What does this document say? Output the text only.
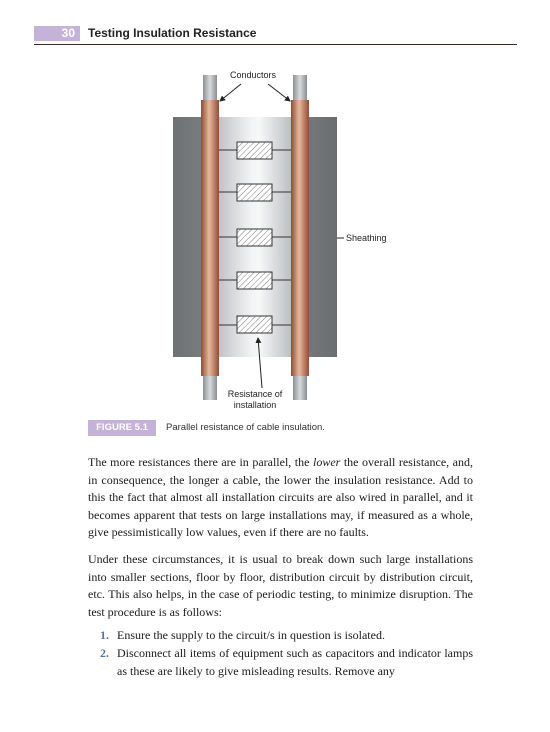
30	Testing Insulation Resistance
Conductors
Sheathing
Resistance of
installation
FIGURE 5.1	Parallel resistance of cable insulation.

The more resistances there are in parallel, the lower the overall resistance, and, in consequence, the longer a cable, the lower the insulation resistance. Add to this the fact that almost all installation circuits are also wired in parallel, and it becomes apparent that tests on large installations may, if measured as a whole, give pessimistically low values, even if there are no faults.

Under these circumstances, it is usual to break down such large installations into smaller sections, floor by floor, distribution circuit by distribution circuit, etc. This also helps, in the case of periodic testing, to minimize disruption. The test procedure is as follows:

1. Ensure the supply to the circuit/s in question is isolated.
2. Disconnect all items of equipment such as capacitors and indicator lamps as these are likely to give misleading results. Remove any
